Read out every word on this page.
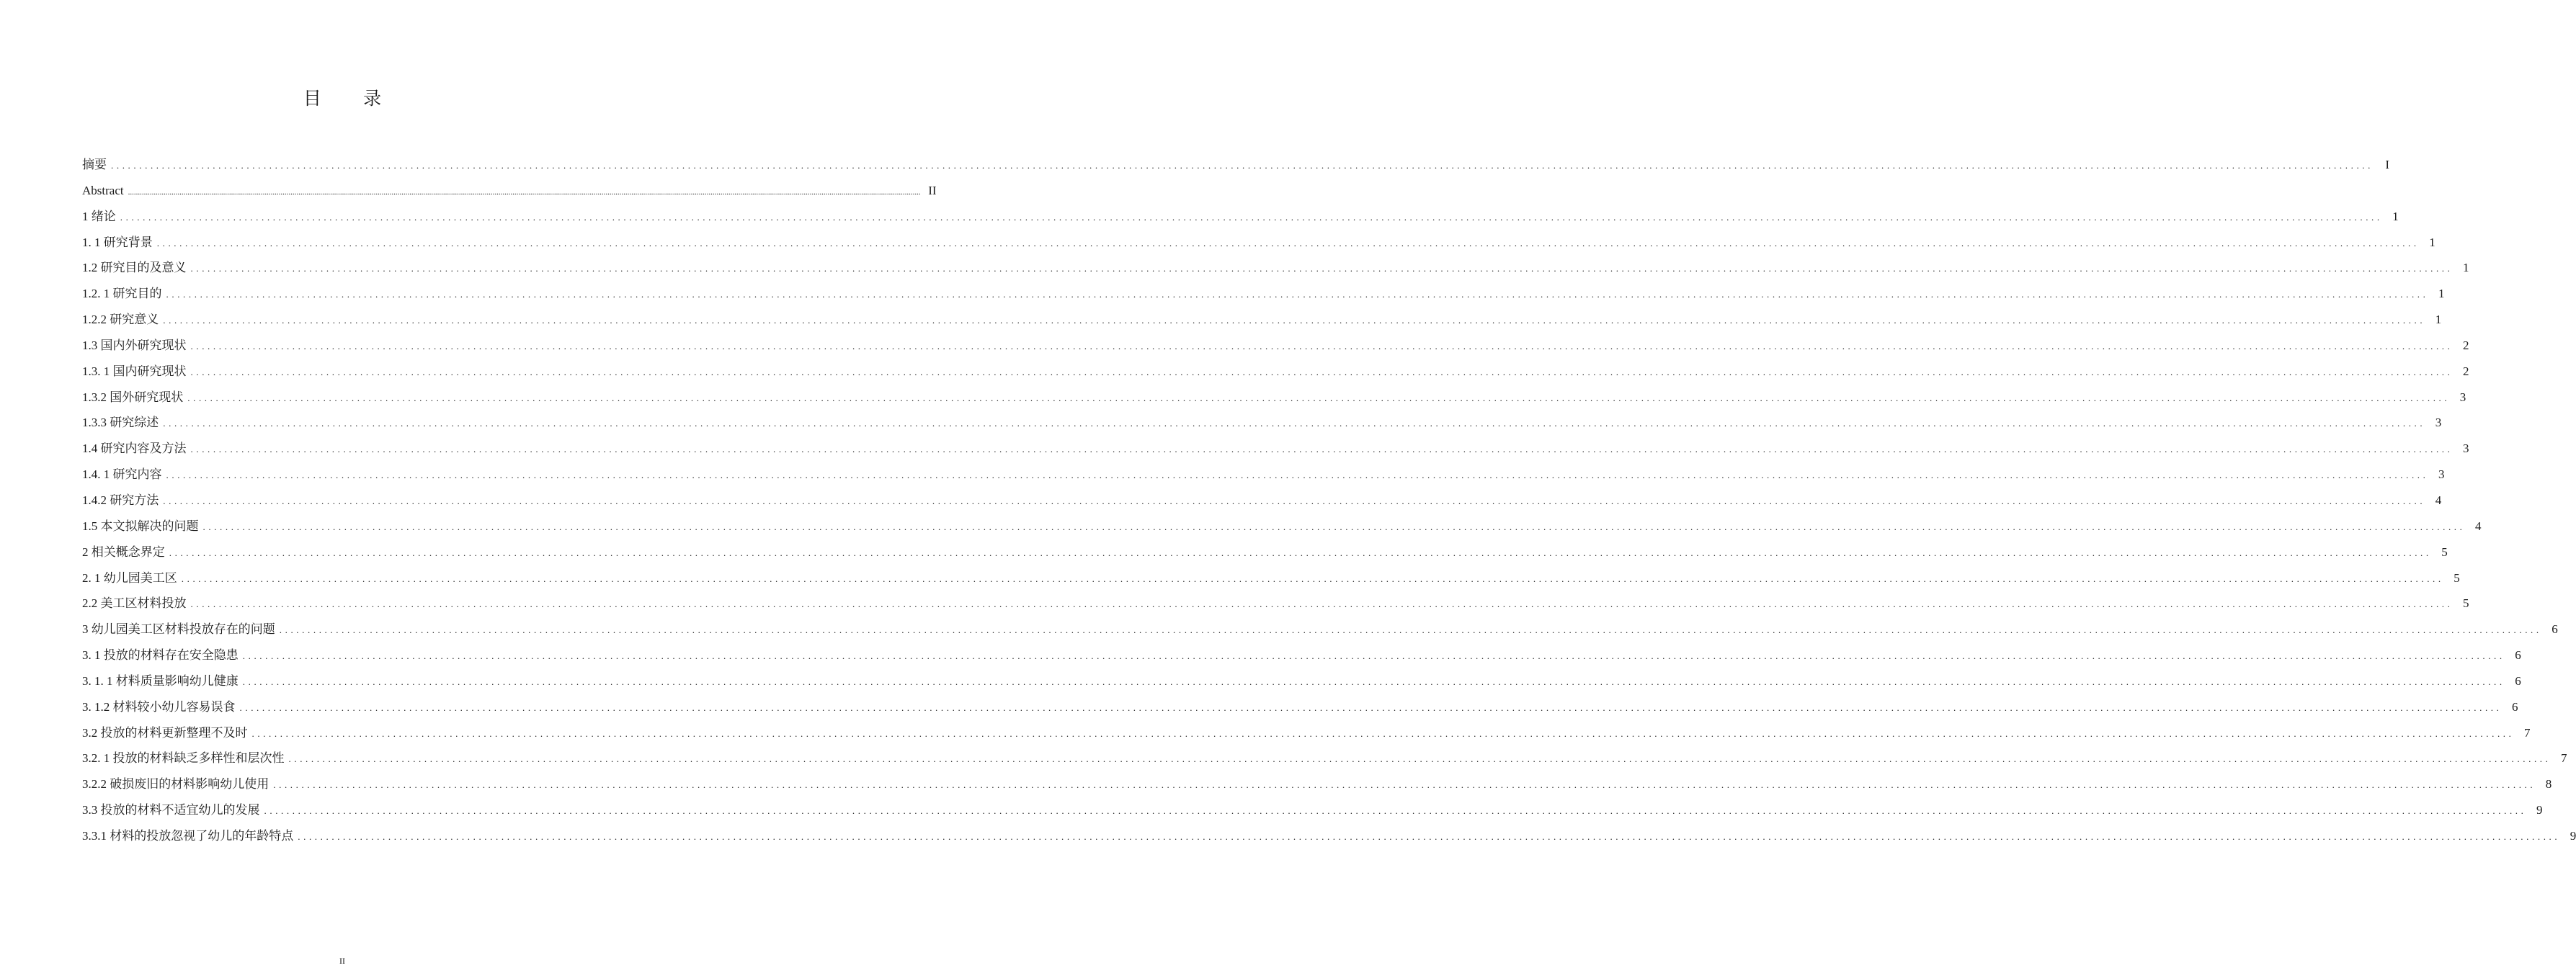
目 录
摘要 ................................................................................................................................................................................................................................................................................................................................................................................................................ I
Abstract ................................................................................................................................................................................................................................................................................................................................................................................................................ II
1 绪论 ................................................................................................................................................................................................................................................................................................................................................................................................................ 1
1. 1 研究背景 ................................................................................................................................................................................................................................................................................................................................................................................................................ 1
1.2 研究目的及意义 ................................................................................................................................................................................................................................................................................................................................................................................................................ 1
1.2. 1 研究目的 ................................................................................................................................................................................................................................................................................................................................................................................................................ 1
1.2.2 研究意义 ................................................................................................................................................................................................................................................................................................................................................................................................................ 1
1.3 国内外研究现状 ................................................................................................................................................................................................................................................................................................................................................................................................................ 2
1.3. 1 国内研究现状 ................................................................................................................................................................................................................................................................................................................................................................................................................ 2
1.3.2 国外研究现状 ................................................................................................................................................................................................................................................................................................................................................................................................................ 3
1.3.3 研究综述 ................................................................................................................................................................................................................................................................................................................................................................................................................ 3
1.4 研究内容及方法 ................................................................................................................................................................................................................................................................................................................................................................................................................ 3
1.4. 1 研究内容 ................................................................................................................................................................................................................................................................................................................................................................................................................ 3
1.4.2 研究方法 ................................................................................................................................................................................................................................................................................................................................................................................................................ 4
1.5 本文拟解决的问题 ................................................................................................................................................................................................................................................................................................................................................................................................................ 4
2 相关概念界定 ................................................................................................................................................................................................................................................................................................................................................................................................................ 5
2. 1 幼儿园美工区 ................................................................................................................................................................................................................................................................................................................................................................................................................ 5
2.2 美工区材料投放 ................................................................................................................................................................................................................................................................................................................................................................................................................ 5
3 幼儿园美工区材料投放存在的问题 ................................................................................................................................................................................................................................................................................................................................................................................................................ 6
3. 1 投放的材料存在安全隐患 ................................................................................................................................................................................................................................................................................................................................................................................................................ 6
3. 1. 1 材料质量影响幼儿健康 ................................................................................................................................................................................................................................................................................................................................................................................................................ 6
3. 1.2 材料较小幼儿容易误食 ................................................................................................................................................................................................................................................................................................................................................................................................................ 6
3.2 投放的材料更新整理不及时 ................................................................................................................................................................................................................................................................................................................................................................................................................ 7
3.2. 1 投放的材料缺乏多样性和层次性 ................................................................................................................................................................................................................................................................................................................................................................................................................ 7
3.2.2 破损废旧的材料影响幼儿使用 ................................................................................................................................................................................................................................................................................................................................................................................................................ 8
3.3 投放的材料不适宜幼儿的发展 ................................................................................................................................................................................................................................................................................................................................................................................................................ 9
3.3.1 材料的投放忽视了幼儿的年龄特点 ................................................................................................................................................................................................................................................................................................................................................................................................................ 9
II
